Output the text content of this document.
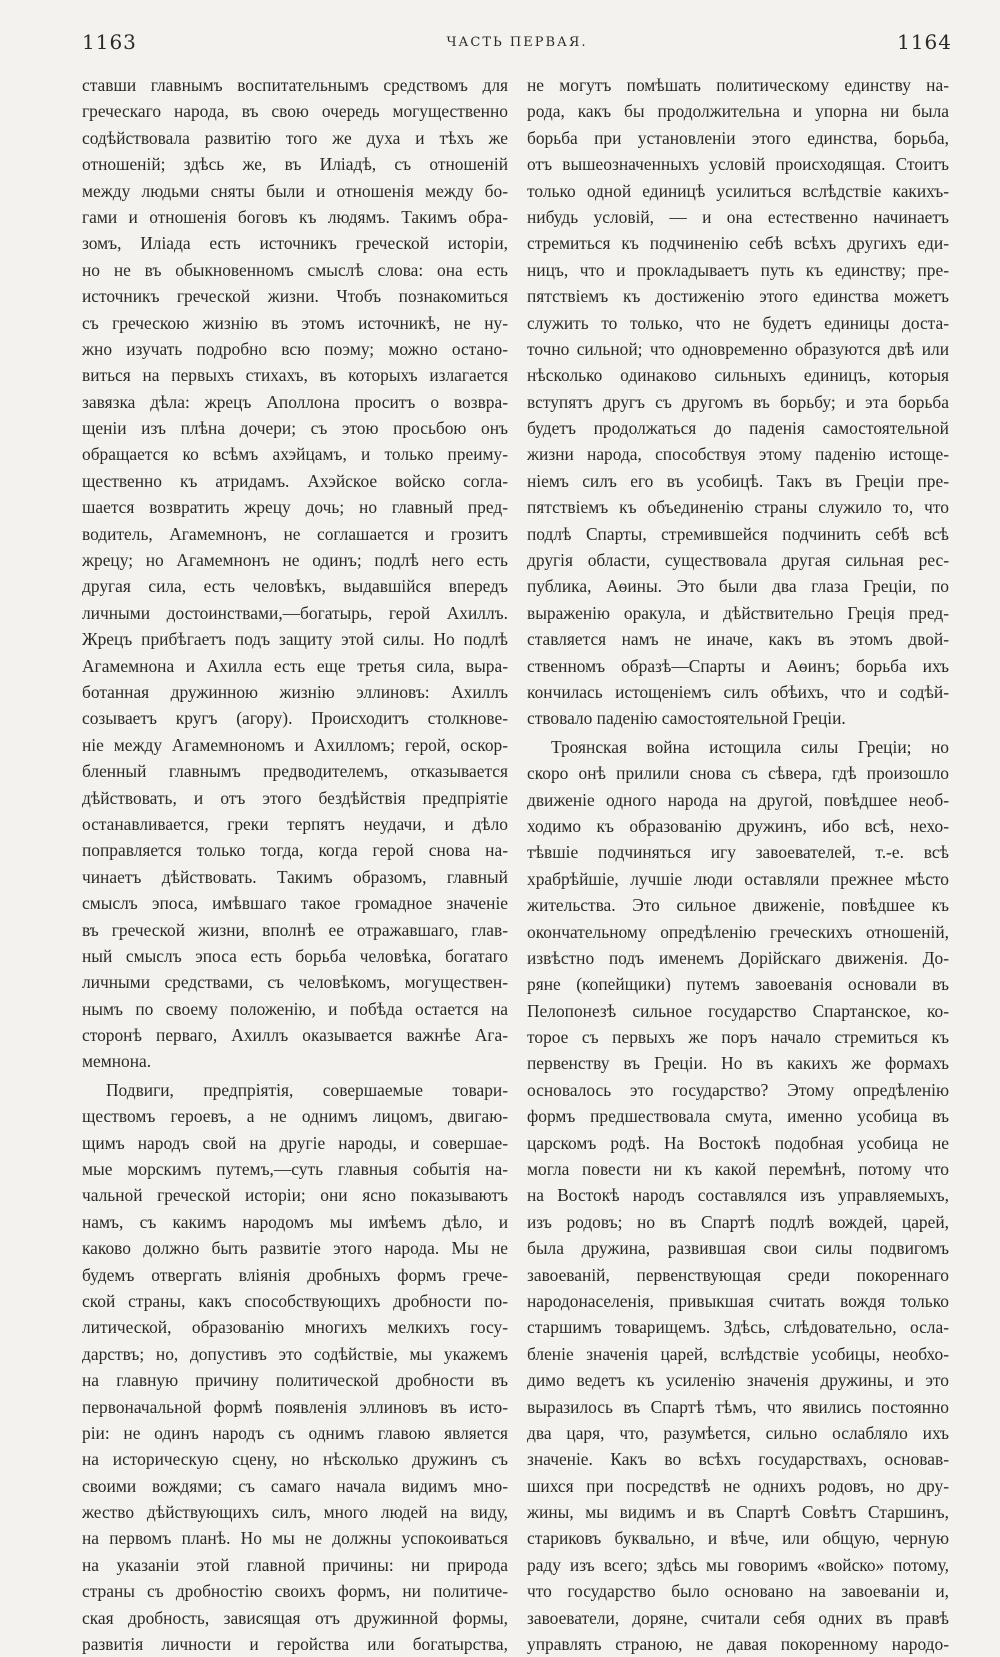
1163	ЧАСТЬ ПЕРВАЯ.	1164
ставши главнымъ воспитательнымъ средствомъ для
греческаго народа, въ свою очередь могущественно
содѣйствовала развитію того же духа и тѣхъ же
отношеній; здѣсь же, въ Иліадѣ, съ отношеній
между людьми сняты были и отношенія между бо-
гами и отношенія боговъ къ людямъ. Такимъ обра-
зомъ, Иліада есть источникъ греческой исторіи,
но не въ обыкновенномъ смыслѣ слова: она есть
источникъ греческой жизни. Чтобъ познакомиться
съ греческою жизнію въ этомъ источникѣ, не ну-
жно изучать подробно всю поэму; можно остано-
виться на первыхъ стихахъ, въ которыхъ излагается
завязка дѣла: жрецъ Аполлона проситъ о возвра-
щеніи изъ плѣна дочери; съ этою просьбою онъ
обращается ко всѣмъ ахэйцамъ, и только преиму-
щественно къ атридамъ. Ахэйское войско согла-
шается возвратить жрецу дочь; но главный пред-
водитель, Агамемнонъ, не соглашается и грозитъ
жрецу; но Агамемнонъ не одинъ; подлѣ него есть
другая сила, есть человѣкъ, выдавшійся впередъ
личными достоинствами,—богатырь, герой Ахиллъ.
Жрецъ прибѣгаетъ подъ защиту этой силы. Но подлѣ
Агамемнона и Ахилла есть еще третья сила, выра-
ботанная дружинною жизнію эллиновъ: Ахиллъ
созываетъ кругъ (агору). Происходитъ столкнове-
ніе между Агамемнономъ и Ахилломъ; герой, оскор-
бленный главнымъ предводителемъ, отказывается
дѣйствовать, и отъ этого бездѣйствія предпріятіе
останавливается, греки терпятъ неудачи, и дѣло
поправляется только тогда, когда герой снова на-
чинаетъ дѣйствовать. Такимъ образомъ, главный
смыслъ эпоса, имѣвшаго такое громадное значеніе
въ греческой жизни, вполнѣ ее отражавшаго, глав-
ный смыслъ эпоса есть борьба человѣка, богатаго
личными средствами, съ человѣкомъ, могуществен-
нымъ по своему положенію, и побѣда остается на
сторонѣ перваго, Ахиллъ оказывается важнѣе Ага-
мемнона.
Подвиги, предпріятія, совершаемые товари-
ществомъ героевъ, а не однимъ лицомъ, двигаю-
щимъ народъ свой на другіе народы, и совершае-
мые морскимъ путемъ,—суть главныя событія на-
чальной греческой исторіи; они ясно показываютъ
намъ, съ какимъ народомъ мы имѣемъ дѣло, и
каково должно быть развитіе этого народа. Мы не
будемъ отвергать вліянія дробныхъ формъ грече-
ской страны, какъ способствующихъ дробности по-
литической, образованію многихъ мелкихъ госу-
дарствъ; но, допустивъ это содѣйствіе, мы укажемъ
на главную причину политической дробности въ
первоначальной формѣ появленія эллиновъ въ исто-
ріи: не одинъ народъ съ однимъ главою является
на историческую сцену, но нѣсколько дружинъ съ
своими вождями; съ самаго начала видимъ мно-
жество дѣйствующихъ силъ, много людей на виду,
на первомъ планѣ. Но мы не должны успокоиваться
на указаніи этой главной причины: ни природа
страны съ дробностію своихъ формъ, ни политиче-
ская дробность, зависящая отъ дружинной формы,
развитія личности и геройства или богатырства,
не могутъ помѣшать политическому единству на-
рода, какъ бы продолжительна и упорна ни была
борьба при установленіи этого единства, борьба,
отъ вышеозначенныхъ условій происходящая. Стоитъ
только одной единицѣ усилиться вслѣдствіе какихъ-
нибудь условій, — и она естественно начинаетъ
стремиться къ подчиненію себѣ всѣхъ другихъ еди-
ницъ, что и прокладываетъ путь къ единству; пре-
пятствіемъ къ достиженію этого единства можетъ
служить то только, что не будетъ единицы доста-
точно сильной; что одновременно образуются двѣ или
нѣсколько одинаково сильныхъ единицъ, которыя
вступятъ другъ съ другомъ въ борьбу; и эта борьба
будетъ продолжаться до паденія самостоятельной
жизни народа, способствуя этому паденію истоще-
ніемъ силъ его въ усобицѣ. Такъ въ Греціи пре-
пятствіемъ къ объединенію страны служило то, что
подлѣ Спарты, стремившейся подчинить себѣ всѣ
другія области, существовала другая сильная рес-
публика, Аѳины. Это были два глаза Греціи, по
выраженію оракула, и дѣйствительно Греція пред-
ставляется намъ не иначе, какъ въ этомъ двой-
ственномъ образѣ—Спарты и Аѳинъ; борьба ихъ
кончилась истощеніемъ силъ обѣихъ, что и содѣй-
ствовало паденію самостоятельной Греціи.
Троянская война истощила силы Греціи; но
скоро онѣ прилили снова съ сѣвера, гдѣ произошло
движеніе одного народа на другой, повѣдшее необ-
ходимо къ образованію дружинъ, ибо всѣ, нехо-
тѣвшіе подчиняться игу завоевателей, т.-е. всѣ
храбрѣйшіе, лучшіе люди оставляли прежнее мѣсто
жительства. Это сильное движеніе, повѣдшее къ
окончательному опредѣленію греческихъ отношеній,
извѣстно подъ именемъ Дорійскаго движенія. До-
ряне (копейщики) путемъ завоеванія основали въ
Пелопонезѣ сильное государство Спартанское, ко-
торое съ первыхъ же поръ начало стремиться къ
первенству въ Греціи. Но въ какихъ же формахъ
основалось это государство? Этому опредѣленію
формъ предшествовала смута, именно усобица въ
царскомъ родѣ. На Востокѣ подобная усобица не
могла повести ни къ какой перемѣнѣ, потому что
на Востокѣ народъ составлялся изъ управляемыхъ,
изъ родовъ; но въ Спартѣ подлѣ вождей, царей,
была дружина, развившая свои силы подвигомъ
завоеваній, первенствующая среди покореннаго
народонаселенія, привыкшая считать вождя только
старшимъ товарищемъ. Здѣсь, слѣдовательно, осла-
бленіе значенія царей, вслѣдствіе усобицы, необхо-
димо ведетъ къ усиленію значенія дружины, и это
выразилось въ Спартѣ тѣмъ, что явились постоянно
два царя, что, разумѣется, сильно ослабляло ихъ
значеніе. Какъ во всѣхъ государствахъ, основав-
шихся при посредствѣ не однихъ родовъ, но дру-
жины, мы видимъ и въ Спартѣ Совѣтъ Старшинъ,
стариковъ буквально, и вѣче, или общую, черную
раду изъ всего; здѣсь мы говоримъ «войско» потому,
что государство было основано на завоеваніи и,
завоеватели, доряне, считали себя одних въ правѣ
управлять страною, не давая покоренному народо-
